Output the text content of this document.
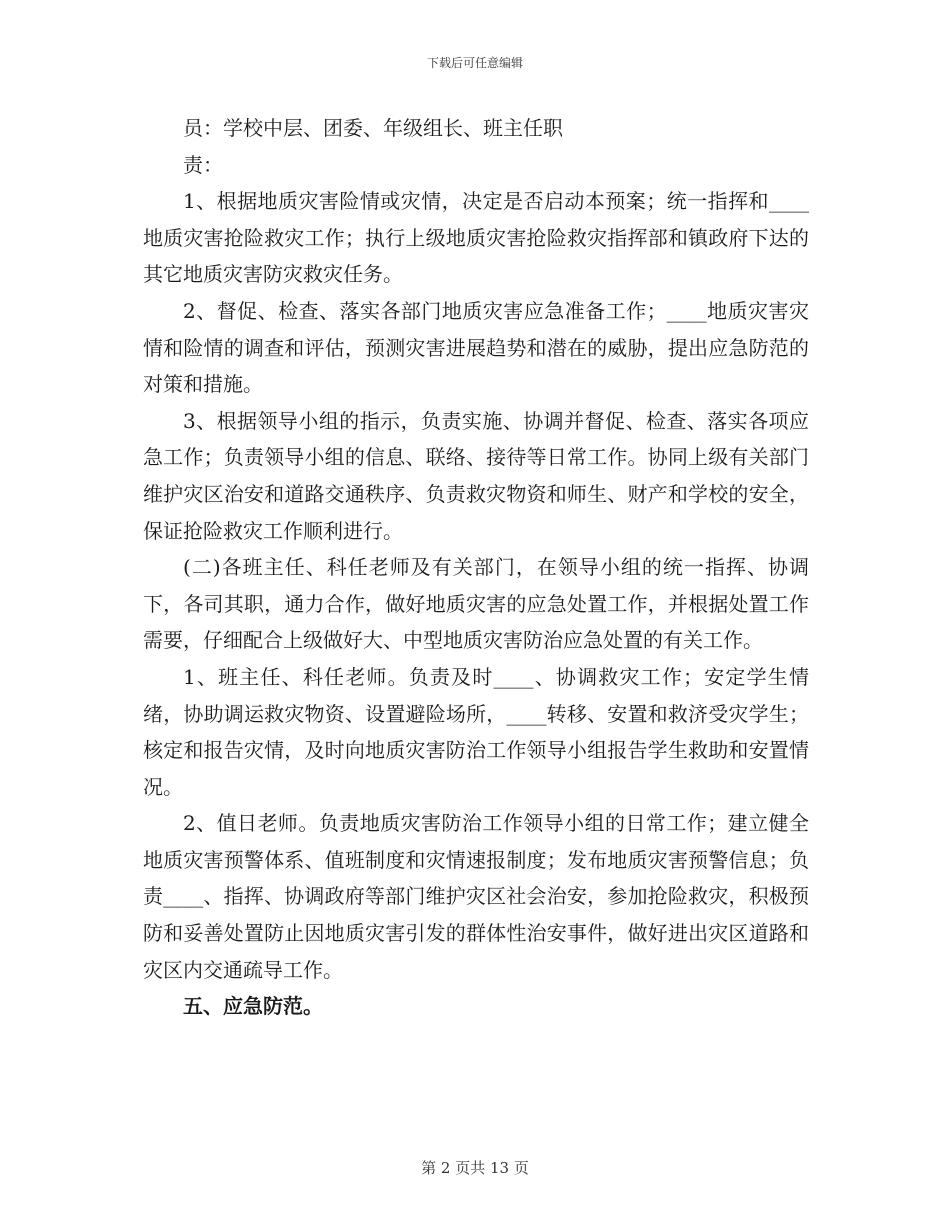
下载后可任意编辑

员：学校中层、团委、年级组长、班主任职

责：

1、根据地质灾害险情或灾情，决定是否启动本预案；统一指挥和____地质灾害抢险救灾工作；执行上级地质灾害抢险救灾指挥部和镇政府下达的其它地质灾害防灾救灾任务。

2、督促、检查、落实各部门地质灾害应急准备工作；____地质灾害灾情和险情的调查和评估，预测灾害进展趋势和潜在的威胁，提出应急防范的对策和措施。

3、根据领导小组的指示，负责实施、协调并督促、检查、落实各项应急工作；负责领导小组的信息、联络、接待等日常工作。协同上级有关部门维护灾区治安和道路交通秩序、负责救灾物资和师生、财产和学校的安全，保证抢险救灾工作顺利进行。

(二)各班主任、科任老师及有关部门，在领导小组的统一指挥、协调下，各司其职，通力合作，做好地质灾害的应急处置工作，并根据处置工作需要，仔细配合上级做好大、中型地质灾害防治应急处置的有关工作。

1、班主任、科任老师。负责及时____、协调救灾工作；安定学生情绪，协助调运救灾物资、设置避险场所，____转移、安置和救济受灾学生；核定和报告灾情，及时向地质灾害防治工作领导小组报告学生救助和安置情况。

2、值日老师。负责地质灾害防治工作领导小组的日常工作；建立健全地质灾害预警体系、值班制度和灾情速报制度；发布地质灾害预警信息；负责____、指挥、协调政府等部门维护灾区社会治安，参加抢险救灾，积极预防和妥善处置防止因地质灾害引发的群体性治安事件，做好进出灾区道路和灾区内交通疏导工作。

五、应急防范。

第 2 页共 13 页
